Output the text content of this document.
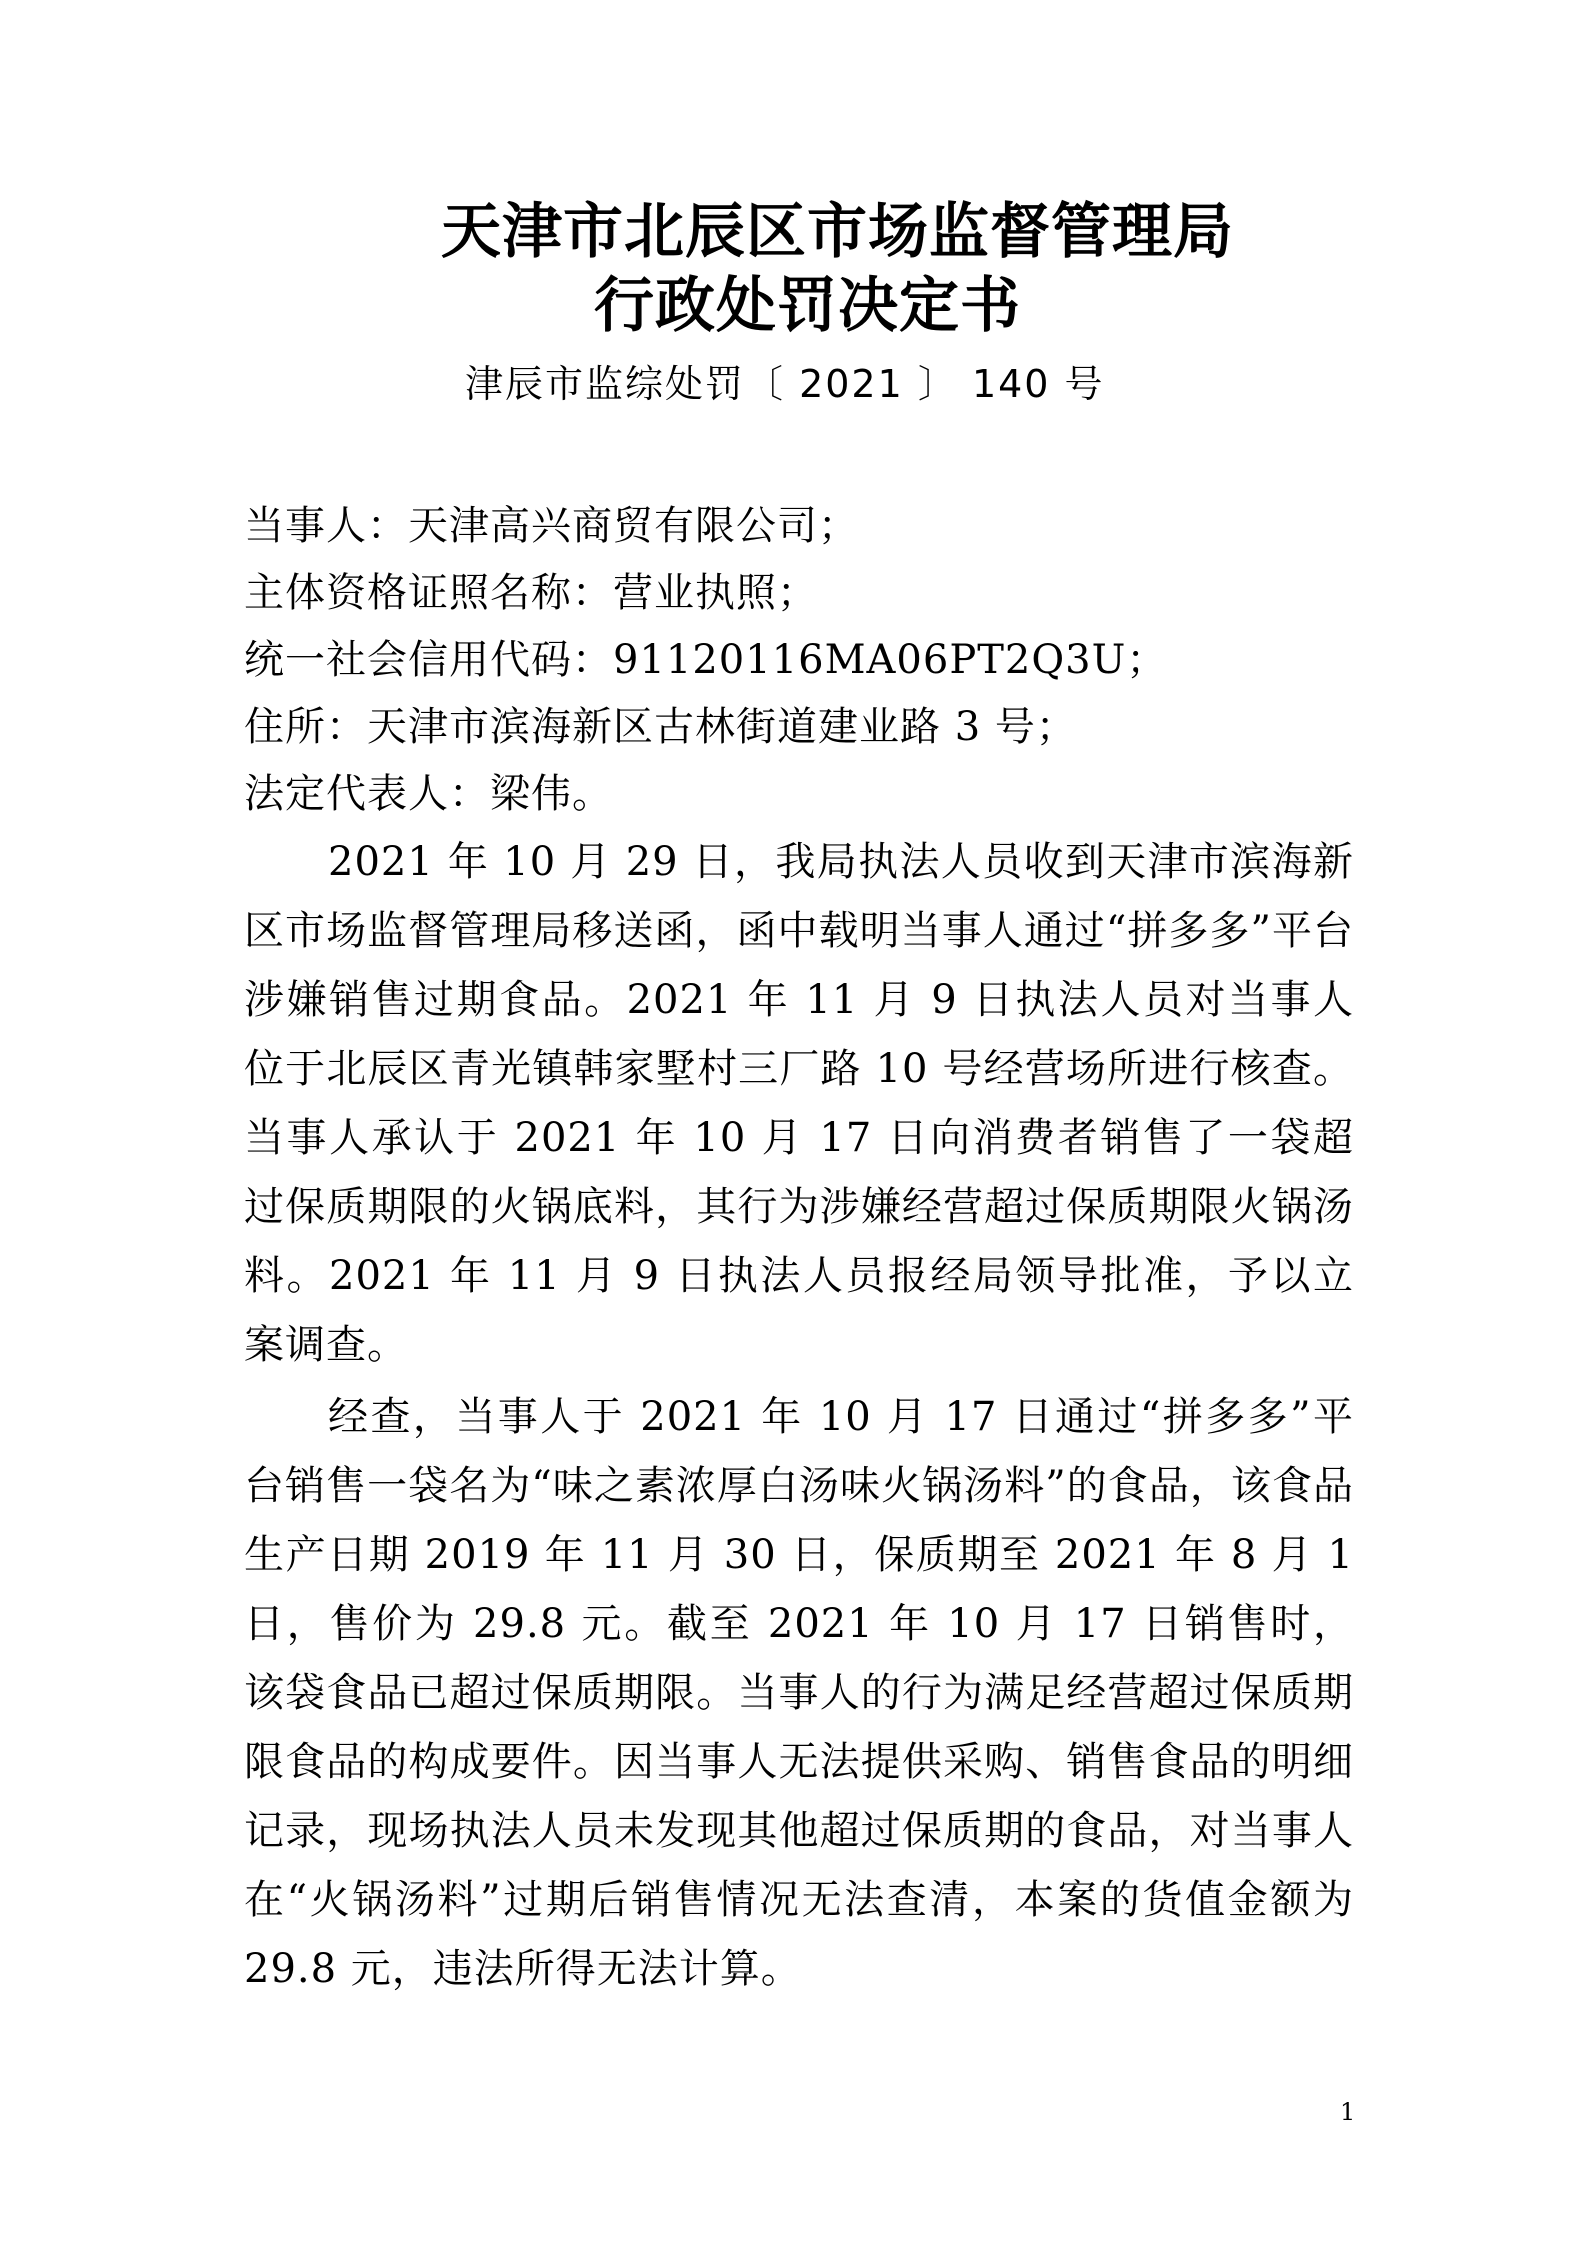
天津市北辰区市场监督管理局
行政处罚决定书

津辰市监综处罚〔 2021 〕 140 号

当事人：天津高兴商贸有限公司；

主体资格证照名称：营业执照；

统一社会信用代码：91120116MA06PT2Q3U；

住所：天津市滨海新区古林街道建业路 3 号；

法定代表人：梁伟。

2021 年 10 月 29 日，我局执法人员收到天津市滨海新区市场监督管理局移送函，函中载明当事人通过“拼多多”平台涉嫌销售过期食品。2021 年 11 月 9 日执法人员对当事人位于北辰区青光镇韩家墅村三厂路 10 号经营场所进行核查。当事人承认于 2021 年 10 月 17 日向消费者销售了一袋超过保质期限的火锅底料，其行为涉嫌经营超过保质期限火锅汤料。2021 年 11 月 9 日执法人员报经局领导批准，予以立案调查。

经查，当事人于 2021 年 10 月 17 日通过“拼多多”平台销售一袋名为“味之素浓厚白汤味火锅汤料”的食品，该食品生产日期 2019 年 11 月 30 日，保质期至 2021 年 8 月 1 日，售价为 29.8 元。截至 2021 年 10 月 17 日销售时，该袋食品已超过保质期限。当事人的行为满足经营超过保质期限食品的构成要件。因当事人无法提供采购、销售食品的明细记录，现场执法人员未发现其他超过保质期的食品，对当事人在“火锅汤料”过期后销售情况无法查清，本案的货值金额为 29.8 元，违法所得无法计算。

1
